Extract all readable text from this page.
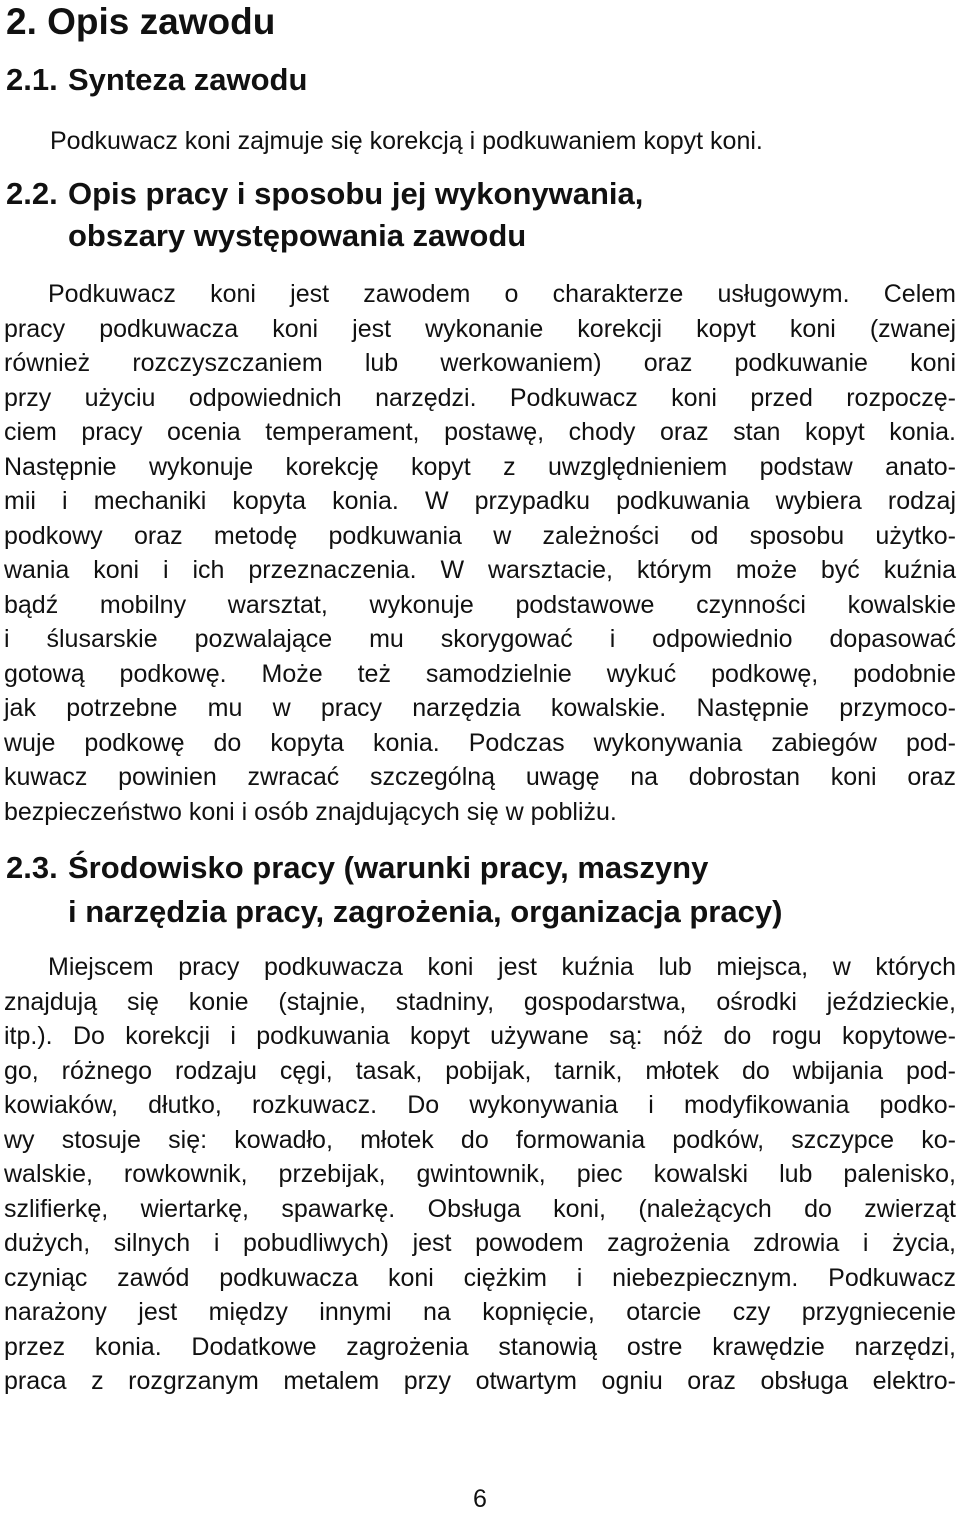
2. Opis zawodu
2.1. Synteza zawodu
Podkuwacz koni zajmuje się korekcją i podkuwaniem kopyt koni.
2.2. Opis pracy i sposobu jej wykonywania,
obszary występowania zawodu
Podkuwacz koni jest zawodem o charakterze usługowym. Celem
pracy podkuwacza koni jest wykonanie korekcji kopyt koni (zwanej
również rozczyszczaniem lub werkowaniem) oraz podkuwanie koni
przy użyciu odpowiednich narzędzi. Podkuwacz koni przed rozpoczę-
ciem pracy ocenia temperament, postawę, chody oraz stan kopyt konia.
Następnie wykonuje korekcję kopyt z uwzględnieniem podstaw anato-
mii i mechaniki kopyta konia. W przypadku podkuwania wybiera rodzaj
podkowy oraz metodę podkuwania w zależności od sposobu użytko-
wania koni i ich przeznaczenia. W warsztacie, którym może być kuźnia
bądź mobilny warsztat, wykonuje podstawowe czynności kowalskie
i ślusarskie pozwalające mu skorygować i odpowiednio dopasować
gotową podkowę. Może też samodzielnie wykuć podkowę, podobnie
jak potrzebne mu w pracy narzędzia kowalskie. Następnie przymoco-
wuje podkowę do kopyta konia. Podczas wykonywania zabiegów pod-
kuwacz powinien zwracać szczególną uwagę na dobrostan koni oraz
bezpieczeństwo koni i osób znajdujących się w pobliżu.
2.3. Środowisko pracy (warunki pracy, maszyny
i narzędzia pracy, zagrożenia, organizacja pracy)
Miejscem pracy podkuwacza koni jest kuźnia lub miejsca, w których
znajdują się konie (stajnie, stadniny, gospodarstwa, ośrodki jeździeckie,
itp.). Do korekcji i podkuwania kopyt używane są: nóż do rogu kopytowe-
go, różnego rodzaju cęgi, tasak, pobijak, tarnik, młotek do wbijania pod-
kowiaków, dłutko, rozkuwacz. Do wykonywania i modyfikowania podko-
wy stosuje się: kowadło, młotek do formowania podków, szczypce ko-
walskie, rowkownik, przebijak, gwintownik, piec kowalski lub palenisko,
szlifierkę, wiertarkę, spawarkę. Obsługa koni, (należących do zwierząt
dużych, silnych i pobudliwych) jest powodem zagrożenia zdrowia i życia,
czyniąc zawód podkuwacza koni ciężkim i niebezpiecznym. Podkuwacz
narażony jest między innymi na kopnięcie, otarcie czy przygniecenie
przez konia. Dodatkowe zagrożenia stanowią ostre krawędzie narzędzi,
praca z rozgrzanym metalem przy otwartym ogniu oraz obsługa elektro-
6
